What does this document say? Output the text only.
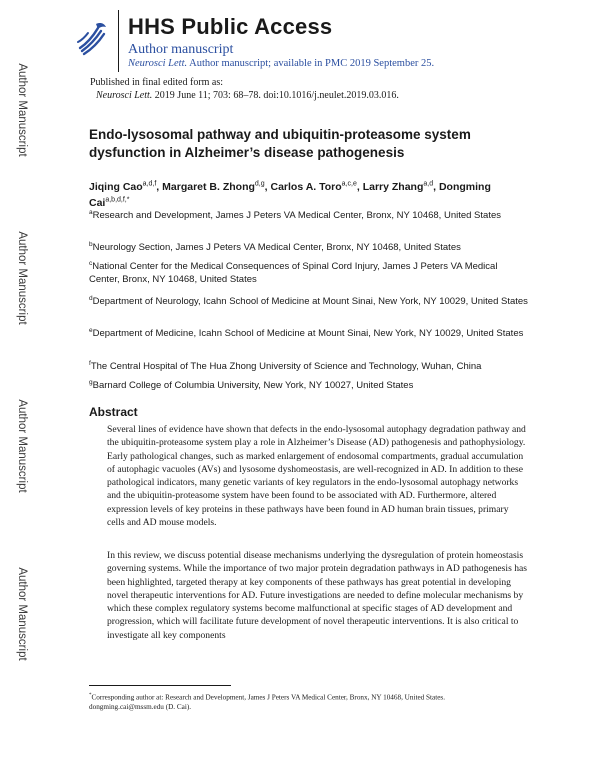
Author Manuscript
Author Manuscript
Author Manuscript
Author Manuscript
HHS Public Access
Author manuscript
Neurosci Lett. Author manuscript; available in PMC 2019 September 25.
Published in final edited form as:
Neurosci Lett. 2019 June 11; 703: 68–78. doi:10.1016/j.neulet.2019.03.016.
Endo-lysosomal pathway and ubiquitin-proteasome system dysfunction in Alzheimer’s disease pathogenesis
Jiqing Cao$^{a,d,f}$, Margaret B. Zhong$^{d,g}$, Carlos A. Toro$^{a,c,e}$, Larry Zhang$^{a,d}$, Dongming Cai$^{a,b,d,f,*}$
$^a$Research and Development, James J Peters VA Medical Center, Bronx, NY 10468, United States
$^b$Neurology Section, James J Peters VA Medical Center, Bronx, NY 10468, United States
$^c$National Center for the Medical Consequences of Spinal Cord Injury, James J Peters VA Medical Center, Bronx, NY 10468, United States
$^d$Department of Neurology, Icahn School of Medicine at Mount Sinai, New York, NY 10029, United States
$^e$Department of Medicine, Icahn School of Medicine at Mount Sinai, New York, NY 10029, United States
$^f$The Central Hospital of The Hua Zhong University of Science and Technology, Wuhan, China
$^g$Barnard College of Columbia University, New York, NY 10027, United States
Abstract
Several lines of evidence have shown that defects in the endo-lysosomal autophagy degradation pathway and the ubiquitin-proteasome system play a role in Alzheimer’s Disease (AD) pathogenesis and pathophysiology. Early pathological changes, such as marked enlargement of endosomal compartments, gradual accumulation of autophagic vacuoles (AVs) and lysosome dyshomeostasis, are well-recognized in AD. In addition to these pathological indicators, many genetic variants of key regulators in the endo-lysosomal autophagy networks and the ubiquitin-proteasome system have been found to be associated with AD. Furthermore, altered expression levels of key proteins in these pathways have been found in AD human brain tissues, primary cells and AD mouse models.
In this review, we discuss potential disease mechanisms underlying the dysregulation of protein homeostasis governing systems. While the importance of two major protein degradation pathways in AD pathogenesis has been highlighted, targeted therapy at key components of these pathways has great potential in developing novel therapeutic interventions for AD. Future investigations are needed to define molecular mechanisms by which these complex regulatory systems become malfunctional at specific stages of AD development and progression, which will facilitate future development of novel therapeutic interventions. It is also critical to investigate all key components
*Corresponding author at: Research and Development, James J Peters VA Medical Center, Bronx, NY 10468, United States.
dongming.cai@mssm.edu (D. Cai).
